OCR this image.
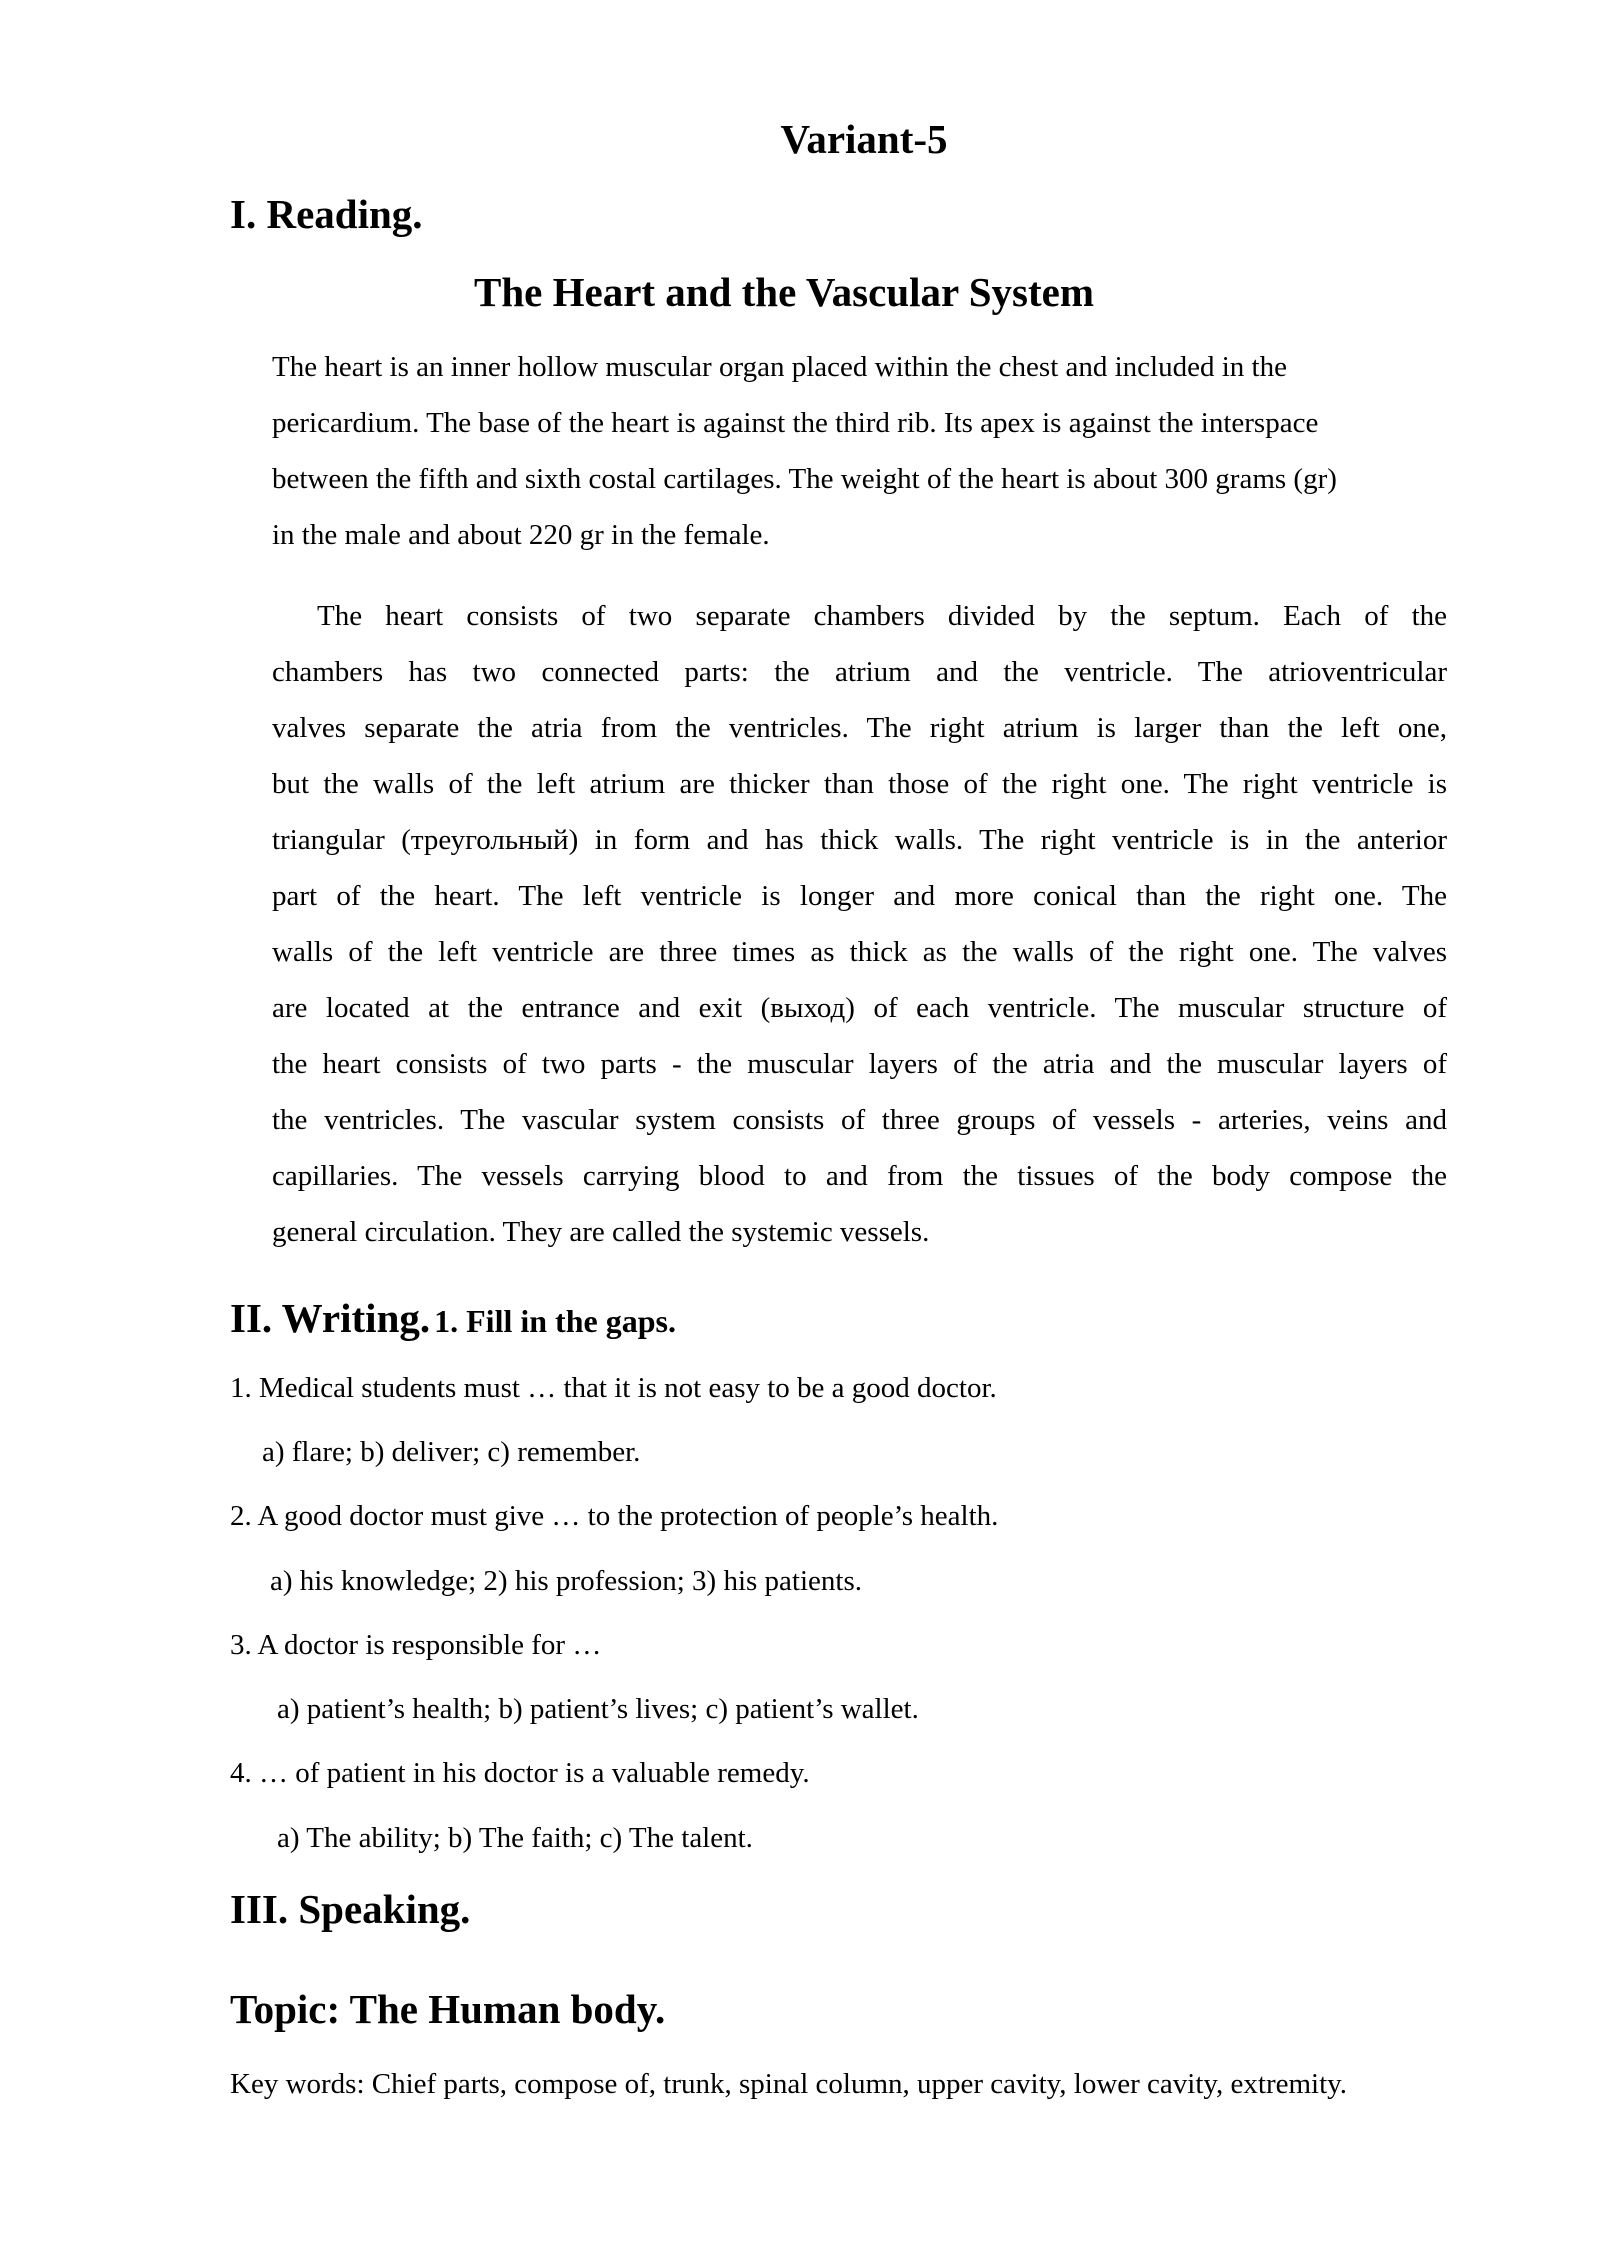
Variant-5
I. Reading.
The Heart and the Vascular System
The heart is an inner hollow muscular organ placed within the chest and included in the
pericardium. The base of the heart is against the third rib. Its apex is against the interspace
between the fifth and sixth costal cartilages. The weight of the heart is about 300 grams (gr)
in the male and about 220 gr in the female.
The heart consists of two separate chambers divided by the septum. Each of the
chambers has two connected parts: the atrium and the ventricle. The atrioventricular
valves separate the atria from the ventricles. The right atrium is larger than the left one,
but the walls of the left atrium are thicker than those of the right one. The right ventricle is
triangular (треугольный) in form and has thick walls. The right ventricle is in the anterior
part of the heart. The left ventricle is longer and more conical than the right one. The
walls of the left ventricle are three times as thick as the walls of the right one. The valves
are located at the entrance and exit (выход) of each ventricle. The muscular structure of
the heart consists of two parts - the muscular layers of the atria and the muscular layers of
the ventricles. The vascular system consists of three groups of vessels - arteries, veins and
capillaries. The vessels carrying blood to and from the tissues of the body compose the
general circulation. They are called the systemic vessels.
II. Writing. 1. Fill in the gaps.

1. Medical students must … that it is not easy to be a good doctor.

a) flare; b) deliver; c) remember.

2. A good doctor must give … to the protection of people’s health.

a) his knowledge; 2) his profession; 3) his patients.

3. A doctor is responsible for …

a) patient’s health; b) patient’s lives; c) patient’s wallet.

4. … of patient in his doctor is a valuable remedy.

a) The ability; b) The faith; c) The talent.

III. Speaking.
Topic: The Human body.

Key words: Chief parts, compose of, trunk, spinal column, upper cavity, lower cavity, extremity.
